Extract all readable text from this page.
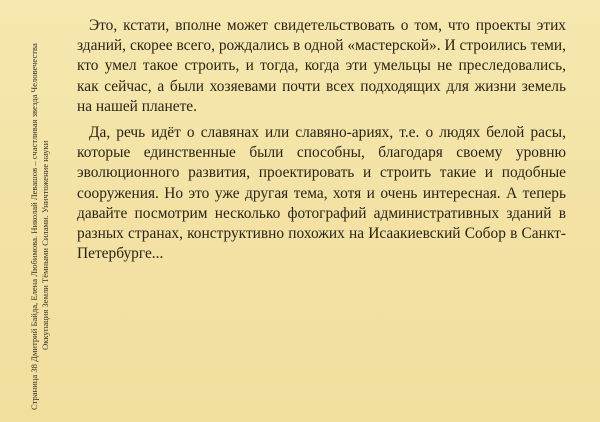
Страница 38 Дмитрий Байда, Елена Любимова. Николай Левашов – счастливая звезда Человечества Оккупация Земли Тёмными Силами. Уничтожение науки

Это, кстати, вполне может свидетельствовать о том, что проекты этих зданий, скорее всего, рождались в одной «мастерской». И строились теми, кто умел такое строить, и тогда, когда эти умельцы не преследовались, как сейчас, а были хозяевами почти всех подходящих для жизни земель на нашей планете.

Да, речь идёт о славянах или славяно-ариях, т.е. о людях белой расы, которые единственные были способны, благодаря своему уровню эволюционного развития, проектировать и строить такие и подобные сооружения. Но это уже другая тема, хотя и очень интересная. А теперь давайте посмотрим несколько фотографий административных зданий в разных странах, конструктивно похожих на Исаакиевский Собор в Санкт-Петербурге...
